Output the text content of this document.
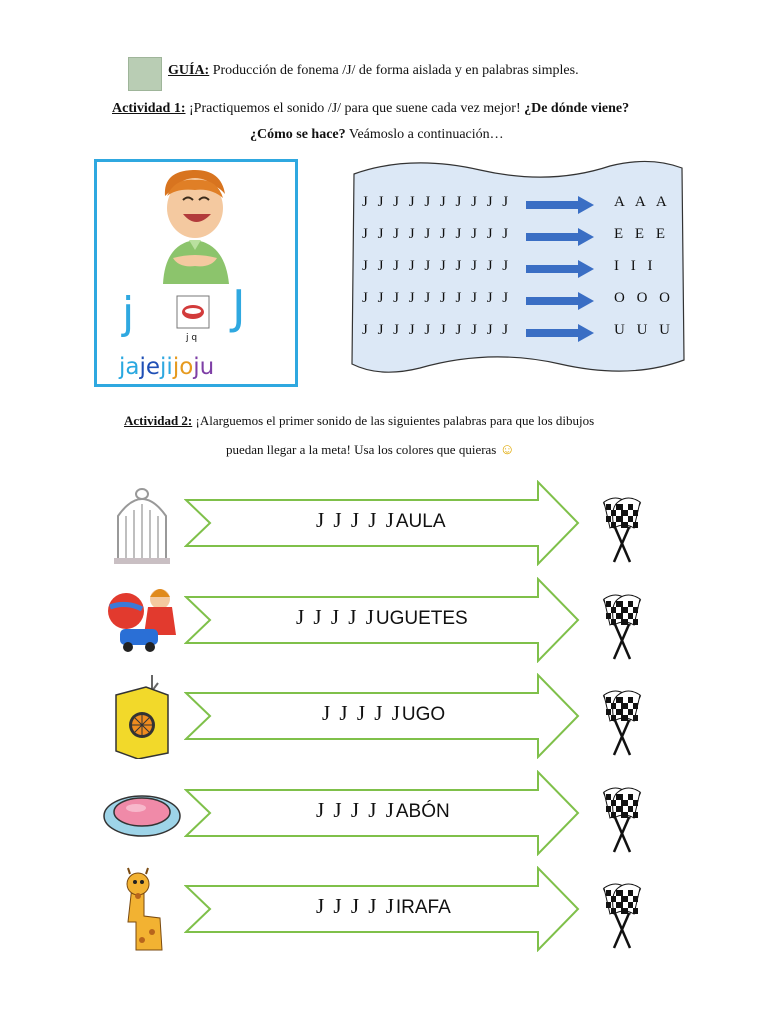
GUÍA: Producción de fonema /J/ de forma aislada y en palabras simples.
Actividad 1: ¡Practiquemos el sonido /J/ para que suene cada vez mejor! ¿De dónde viene?
¿Cómo se hace? Veámoslo a continuación…
j	j q
J
jajejijoju
J J J J J J J J J J	A A A
J J J J J J J J J J	E E E
J J J J J J J J J J	I I I
J J J J J J J J J J	O O O
J J J J J J J J J J	U U U
Actividad 2: ¡Alarguemos el primer sonido de las siguientes palabras para que los dibujos
puedan llegar a la meta! Usa los colores que quieras ☺
J J J J JAULA
J J J J JUGUETES
J J J J JUGO
J J J J JABÓN
J J J J JIRAFA
